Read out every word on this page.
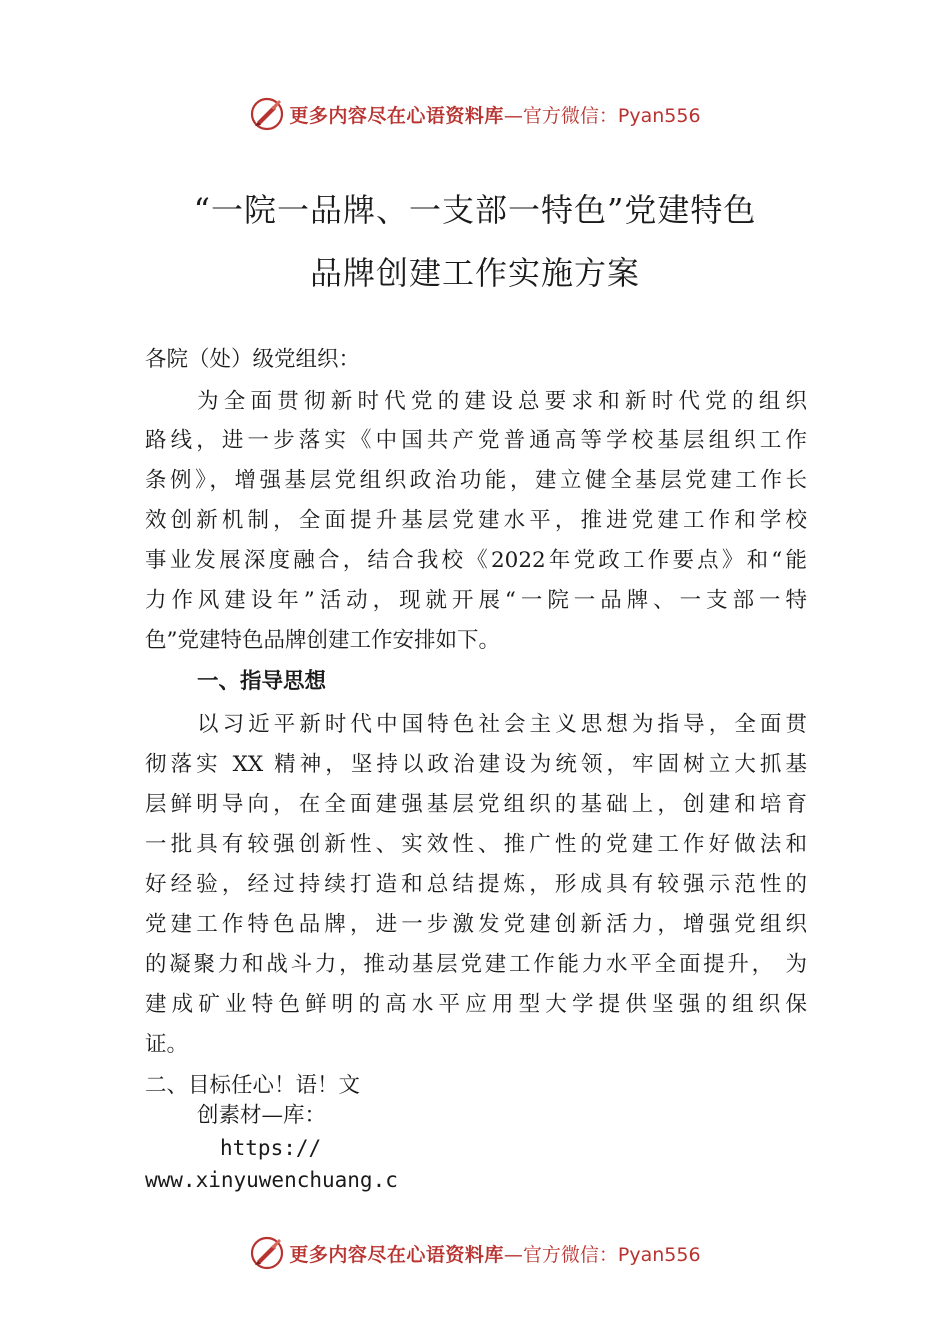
更多内容尽在心语资料库 —官方微信：Pyan556
“一院一品牌、一支部一特色”党建特色
品牌创建工作实施方案
各院（处）级党组织：
为全面贯彻新时代党的建设总要求和新时代党的组织
路线，进一步落实《中国共产党普通高等学校基层组织工作
条例》，增强基层党组织政治功能，建立健全基层党建工作长
效创新机制，全面提升基层党建水平，推进党建工作和学校
事业发展深度融合，结合我校《2022年党政工作要点》和“能
力作风建设年”活动，现就开展“一院一品牌、一支部一特
色”党建特色品牌创建工作安排如下。
一、指导思想
以习近平新时代中国特色社会主义思想为指导，全面贯
彻落实 XX 精神，坚持以政治建设为统领，牢固树立大抓基
层鲜明导向，在全面建强基层党组织的基础上，创建和培育
一批具有较强创新性、实效性、推广性的党建工作好做法和
好经验，经过持续打造和总结提炼，形成具有较强示范性的
党建工作特色品牌，进一步激发党建创新活力，增强党组织
的凝聚力和战斗力，推动基层党建工作能力水平全面提升， 为
建成矿业特色鲜明的高水平应用型大学提供坚强的组织保
证。
二、目标任心！语！文
创素材—库：
https://
www.xinyuwenchuang.c
更多内容尽在心语资料库 —官方微信：Pyan556
